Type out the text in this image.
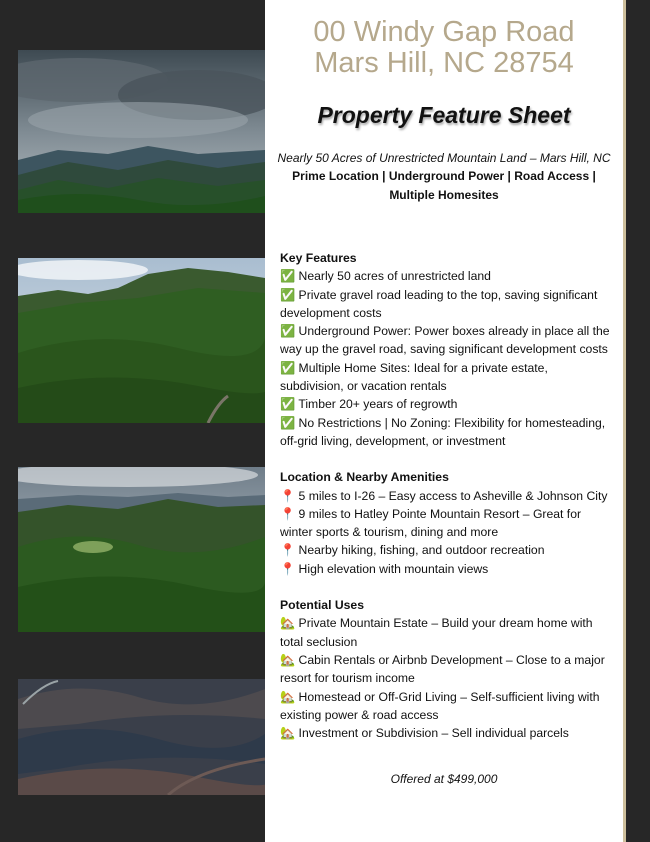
00 Windy Gap Road
Mars Hill, NC 28754
Property Feature Sheet
Nearly 50 Acres of Unrestricted Mountain Land – Mars Hill, NC
Prime Location | Underground Power | Road Access |
Multiple Homesites
Key Features
✅ Nearly 50 acres of unrestricted land
✅ Private gravel road leading to the top, saving significant development costs
✅ Underground Power: Power boxes already in place all the way up the gravel road, saving significant development costs
✅ Multiple Home Sites: Ideal for a private estate, subdivision, or vacation rentals
✅ Timber 20+ years of regrowth
✅ No Restrictions | No Zoning: Flexibility for homesteading, off-grid living, development, or investment
Location & Nearby Amenities
📍 5 miles to I-26 – Easy access to Asheville & Johnson City
📍 9 miles to Hatley Pointe Mountain Resort – Great for winter sports & tourism, dining and more
📍 Nearby hiking, fishing, and outdoor recreation
📍 High elevation with mountain views
Potential Uses
🏡 Private Mountain Estate – Build your dream home with total seclusion
🏡 Cabin Rentals or Airbnb Development – Close to a major resort for tourism income
🏡 Homestead or Off-Grid Living – Self-sufficient living with existing power & road access
🏡 Investment or Subdivision – Sell individual parcels
Offered at $499,000
